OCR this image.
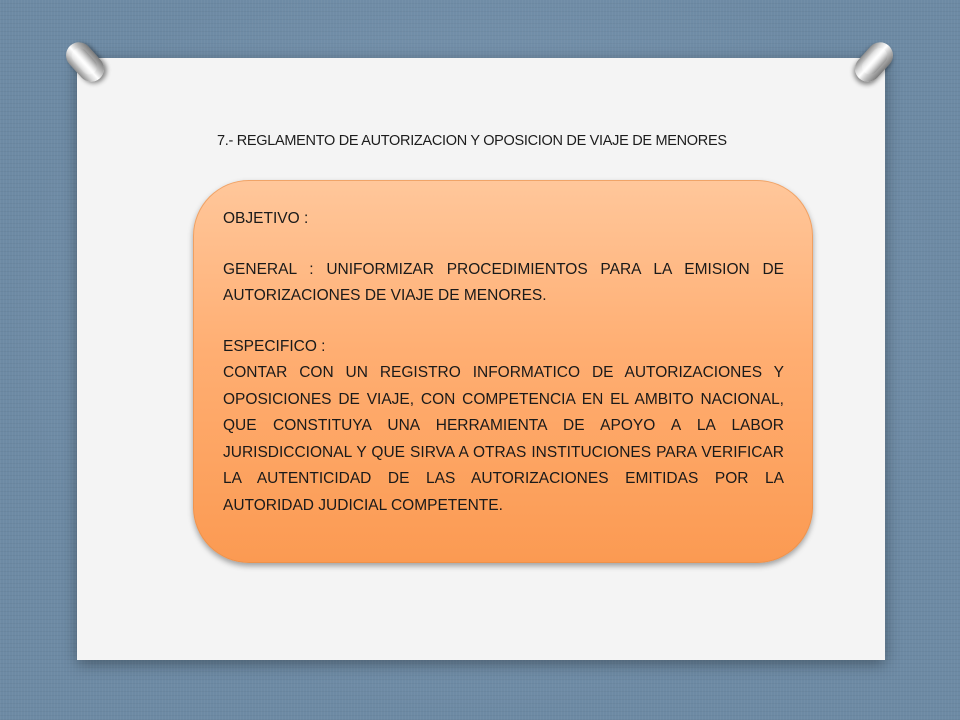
7.- REGLAMENTO DE AUTORIZACION Y OPOSICION DE VIAJE DE MENORES

OBJETIVO :

GENERAL : UNIFORMIZAR PROCEDIMIENTOS PARA LA EMISION DE AUTORIZACIONES DE VIAJE DE MENORES.

ESPECIFICO :

CONTAR CON UN REGISTRO INFORMATICO DE AUTORIZACIONES Y OPOSICIONES DE VIAJE, CON COMPETENCIA EN EL AMBITO NACIONAL, QUE CONSTITUYA UNA HERRAMIENTA DE APOYO A LA LABOR JURISDICCIONAL Y QUE SIRVA A OTRAS INSTITUCIONES PARA VERIFICAR LA AUTENTICIDAD DE LAS AUTORIZACIONES EMITIDAS POR LA AUTORIDAD JUDICIAL COMPETENTE.
